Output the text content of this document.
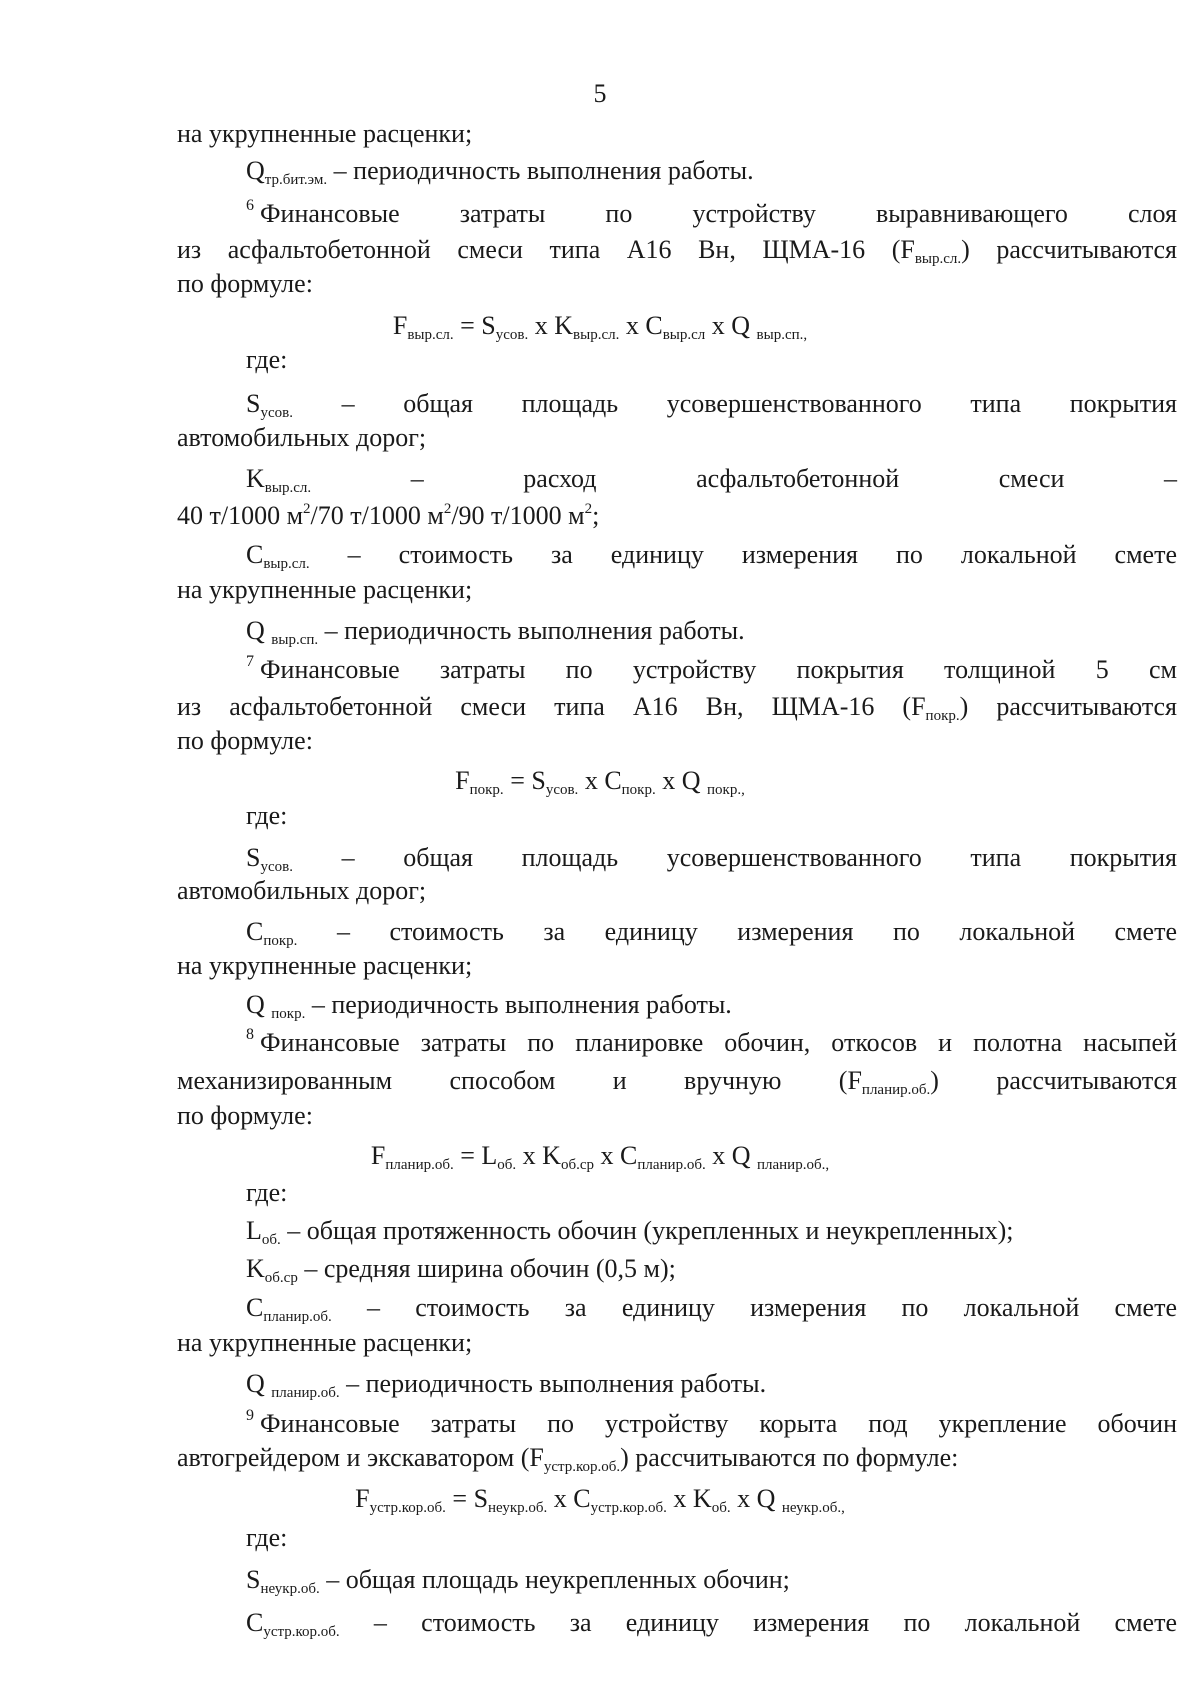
5
на укрупненные расценки;
$Q_{тр.бит.эм.}$ – периодичность выполнения работы.
$^6$ Финансовые затраты по устройству выравнивающего слоя
из асфальтобетонной смеси типа А16 Вн, ЩМА-16 $(F_{выр.сл.})$ рассчитываются
по формуле:
$F_{выр.сл.} = S_{усов.}$ x $K_{выр.сл.}$ x $C_{выр.сл}$ x Q $_{выр.сп.,}$
где:
$S_{усов.}$ – общая площадь усовершенствованного типа покрытия
автомобильных дорог;
$K_{выр.сл.}$ – расход асфальтобетонной смеси –
40 т/1000 $м^2/70$ т/1000 $м^2/90$ т/1000 $м^2$;
$C_{выр.сл.}$ – стоимость за единицу измерения по локальной смете
на укрупненные расценки;
Q $_{выр.сп.}$ – периодичность выполнения работы.
$^7$ Финансовые затраты по устройству покрытия толщиной 5 см
из асфальтобетонной смеси типа А16 Вн, ЩМА-16 $(F_{покр.})$ рассчитываются
по формуле:
$F_{покр.} = S_{усов.}$ x $C_{покр.}$ x Q $_{покр.,}$
где:
$S_{усов.}$ – общая площадь усовершенствованного типа покрытия
автомобильных дорог;
$C_{покр.}$ – стоимость за единицу измерения по локальной смете
на укрупненные расценки;
Q $_{покр.}$ – периодичность выполнения работы.
$^8$ Финансовые затраты по планировке обочин, откосов и полотна насыпей
механизированным способом и вручную $(F_{планир.об.})$ рассчитываются
по формуле:
$F_{планир.об.} = L_{об.}$ x $K_{об.ср}$ x $C_{планир.об.}$ x Q $_{планир.об.,}$
где:
$L_{об.}$ – общая протяженность обочин (укрепленных и неукрепленных);
$K_{об.ср}$ – средняя ширина обочин (0,5 м);
$C_{планир.об.}$ – стоимость за единицу измерения по локальной смете
на укрупненные расценки;
Q $_{планир.об.}$ – периодичность выполнения работы.
$^9$ Финансовые затраты по устройству корыта под укрепление обочин
автогрейдером и экскаватором $(F_{устр.кор.об.})$ рассчитываются по формуле:
$F_{устр.кор.об.} = S_{неукр.об.}$ x $C_{устр.кор.об.}$ x $K_{об.}$ x Q $_{неукр.об.,}$
где:
$S_{неукр.об.}$ – общая площадь неукрепленных обочин;
$C_{устр.кор.об.}$ – стоимость за единицу измерения по локальной смете
